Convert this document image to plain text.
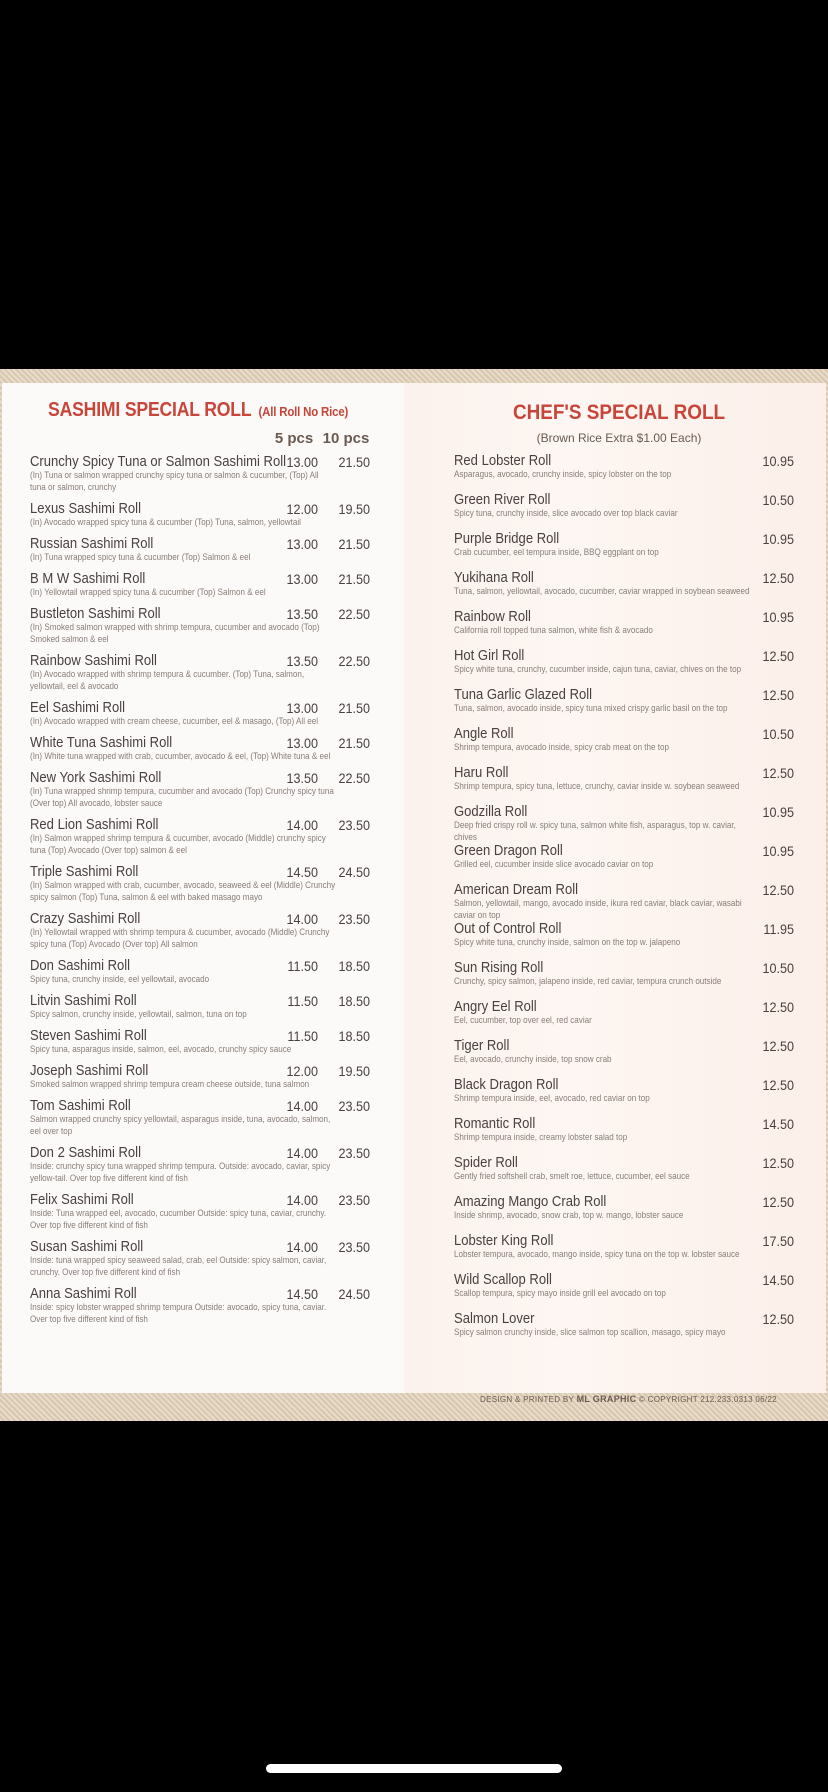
SASHIMI SPECIAL ROLL (All Roll No Rice)
5 pcs 10 pcs
Crunchy Spicy Tuna or Salmon Sashimi Roll 13.00	21.50
(In) Tuna or salmon wrapped crunchy spicy tuna or salmon & cucumber, (Top) All tuna or salmon, crunchy
Lexus Sashimi Roll	12.00	19.50
(In) Avocado wrapped spicy tuna & cucumber (Top) Tuna, salmon, yellowtail
Russian Sashimi Roll	13.00	21.50
(In) Tuna wrapped spicy tuna & cucumber (Top) Salmon & eel
B M W Sashimi Roll	13.00	21.50
(In) Yellowtail wrapped spicy tuna & cucumber (Top) Salmon & eel
Bustleton Sashimi Roll	13.50	22.50
(In) Smoked salmon wrapped with shrimp tempura, cucumber and avocado (Top) Smoked salmon & eel
Rainbow Sashimi Roll	13.50	22.50
(In) Avocado wrapped with shrimp tempura & cucumber. (Top) Tuna, salmon, yellowtail, eel & avocado
Eel Sashimi Roll	13.00	21.50
(In) Avocado wrapped with cream cheese, cucumber, eel & masago, (Top) All eel
White Tuna Sashimi Roll	13.00	21.50
(In) White tuna wrapped with crab, cucumber, avocado & eel, (Top) White tuna & eel
New York Sashimi Roll	13.50	22.50
(In) Tuna wrapped shrimp tempura, cucumber and avocado (Top) Crunchy spicy tuna (Over top) All avocado, lobster sauce
Red Lion Sashimi Roll	14.00	23.50
(In) Salmon wrapped shrimp tempura & cucumber, avocado (Middle) crunchy spicy tuna (Top) Avocado (Over top) salmon & eel
Triple Sashimi Roll	14.50	24.50
(In) Salmon wrapped with crab, cucumber, avocado, seaweed & eel (Middle) Crunchy spicy salmon (Top) Tuna, salmon & eel with baked masago mayo
Crazy Sashimi Roll	14.00	23.50
(In) Yellowtail wrapped with shrimp tempura & cucumber, avocado (Middle) Crunchy spicy tuna (Top) Avocado (Over top) All salmon
Don Sashimi Roll	11.50	18.50
Spicy tuna, crunchy inside, eel yellowtail, avocado
Litvin Sashimi Roll	11.50	18.50
Spicy salmon, crunchy inside, yellowtail, salmon, tuna on top
Steven Sashimi Roll	11.50	18.50
Spicy tuna, asparagus inside, salmon, eel, avocado, crunchy spicy sauce
Joseph Sashimi Roll	12.00	19.50
Smoked salmon wrapped shrimp tempura cream cheese outside, tuna salmon
Tom Sashimi Roll	14.00	23.50
Salmon wrapped crunchy spicy yellowtail, asparagus inside, tuna, avocado, salmon, eel over top
Don 2 Sashimi Roll	14.00	23.50
Inside: crunchy spicy tuna wrapped shrimp tempura. Outside: avocado, caviar, spicy yellow-tail. Over top five different kind of fish
Felix Sashimi Roll	14.00	23.50
Inside: Tuna wrapped eel, avocado, cucumber Outside: spicy tuna, caviar, crunchy. Over top five different kind of fish
Susan Sashimi Roll	14.00	23.50
Inside: tuna wrapped spicy seaweed salad, crab, eel Outside: spicy salmon, caviar, crunchy. Over top five different kind of fish
Anna Sashimi Roll	14.50	24.50
Inside: spicy lobster wrapped shrimp tempura Outside: avocado, spicy tuna, caviar. Over top five different kind of fish
CHEF'S SPECIAL ROLL
(Brown Rice Extra $1.00 Each)
Red Lobster Roll	10.95
Asparagus, avocado, crunchy inside, spicy lobster on the top
Green River Roll	10.50
Spicy tuna, crunchy inside, slice avocado over top black caviar
Purple Bridge Roll	10.95
Crab cucumber, eel tempura inside, BBQ eggplant on top
Yukihana Roll	12.50
Tuna, salmon, yellowtail, avocado, cucumber, caviar wrapped in soybean seaweed
Rainbow Roll	10.95
California roll topped tuna salmon, white fish & avocado
Hot Girl Roll	12.50
Spicy white tuna, crunchy, cucumber inside, cajun tuna, caviar, chives on the top
Tuna Garlic Glazed Roll	12.50
Tuna, salmon, avocado inside, spicy tuna mixed crispy garlic basil on the top
Angle Roll	10.50
Shrimp tempura, avocado inside, spicy crab meat on the top
Haru Roll	12.50
Shrimp tempura, spicy tuna, lettuce, crunchy, caviar inside w. soybean seaweed
Godzilla Roll	10.95
Deep fried crispy roll w. spicy tuna, salmon white fish, asparagus, top w. caviar, chives
Green Dragon Roll	10.95
Grilled eel, cucumber inside slice avocado caviar on top
American Dream Roll	12.50
Salmon, yellowtail, mango, avocado inside, ikura red caviar, black caviar, wasabi caviar on top
Out of Control Roll	11.95
Spicy white tuna, crunchy inside, salmon on the top w. jalapeno
Sun Rising Roll	10.50
Crunchy, spicy salmon, jalapeno inside, red caviar, tempura crunch outside
Angry Eel Roll	12.50
Eel, cucumber, top over eel, red caviar
Tiger Roll	12.50
Eel, avocado, crunchy inside, top snow crab
Black Dragon Roll	12.50
Shrimp tempura inside, eel, avocado, red caviar on top
Romantic Roll	14.50
Shrimp tempura inside, creamy lobster salad top
Spider Roll	12.50
Gently fried softshell crab, smelt roe, lettuce, cucumber, eel sauce
Amazing Mango Crab Roll	12.50
Inside shrimp, avocado, snow crab, top w. mango, lobster sauce
Lobster King Roll	17.50
Lobster tempura, avocado, mango inside, spicy tuna on the top w. lobster sauce
Wild Scallop Roll	14.50
Scallop tempura, spicy mayo inside grill eel avocado on top
Salmon Lover	12.50
Spicy salmon crunchy inside, slice salmon top scallion, masago, spicy mayo
DESIGN & PRINTED BY ML GRAPHIC © COPYRIGHT 212.233.0313 06/22
